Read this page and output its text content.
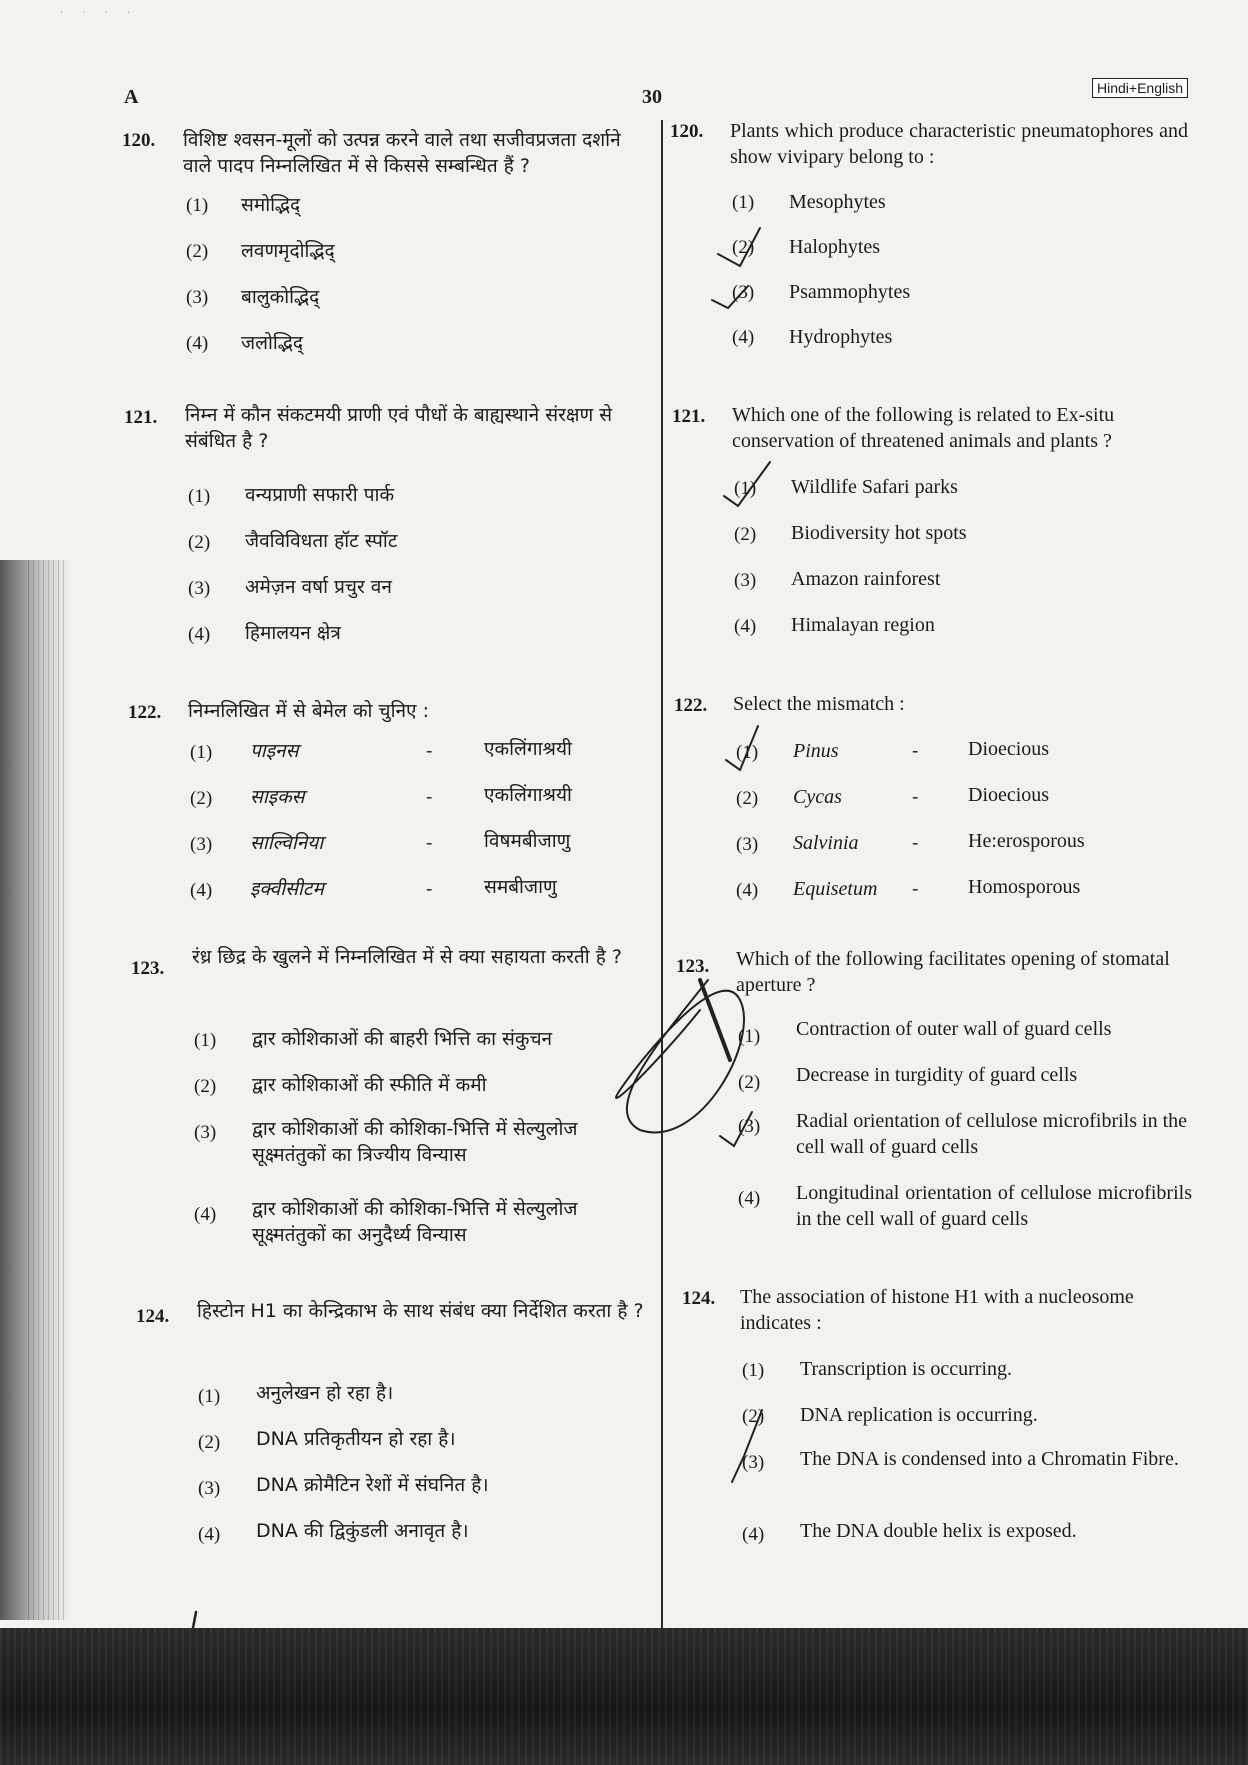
· · · ·
A	30	Hindi+English
120. विशिष्ट श्वसन-मूलों को उत्पन्न करने वाले तथा सजीवप्रजता दर्शाने वाले पादप निम्नलिखित में से किससे सम्बन्धित हैं ?
(1) समोद्भिद्
(2) लवणमृदोद्भिद्
(3) बालुकोद्भिद्
(4) जलोद्भिद्
121. निम्न में कौन संकटमयी प्राणी एवं पौधों के बाह्यस्थाने संरक्षण से संबंधित है ?
(1) वन्यप्राणी सफारी पार्क
(2) जैवविविधता हॉट स्पॉट
(3) अमेज़न वर्षा प्रचुर वन
(4) हिमालयन क्षेत्र
122. निम्नलिखित में से बेमेल को चुनिए :
(1) पाइनस	-	एकलिंगाश्रयी
(2) साइकस	-	एकलिंगाश्रयी
(3) साल्विनिया	-	विषमबीजाणु
(4) इक्वीसीटम	-	समबीजाणु
123.
रंध्र छिद्र के खुलने में निम्नलिखित में से क्या सहायता करती है ?
(1) द्वार कोशिकाओं की बाहरी भित्ति का संकुचन
(2) द्वार कोशिकाओं की स्फीति में कमी
(3) द्वार कोशिकाओं की कोशिका-भित्ति में सेल्युलोज सूक्ष्मतंतुकों का त्रिज्यीय विन्यास
(4) द्वार कोशिकाओं की कोशिका-भित्ति में सेल्युलोज सूक्ष्मतंतुकों का अनुदैर्ध्य विन्यास
124. हिस्टोन H1 का केन्द्रिकाभ के साथ संबंध क्या निर्देशित करता है ?
(1) अनुलेखन हो रहा है।
(2) DNA प्रतिकृतीयन हो रहा है।
(3) DNA क्रोमैटिन रेशों में संघनित है।
(4) DNA की द्विकुंडली अनावृत है।
120. Plants which produce characteristic pneumatophores and show vivipary belong to :
(1) Mesophytes
(2) Halophytes
(3) Psammophytes
(4) Hydrophytes
121. Which one of the following is related to Ex-situ conservation of threatened animals and plants ?
(1) Wildlife Safari parks
(2) Biodiversity hot spots
(3) Amazon rainforest
(4) Himalayan region
122. Select the mismatch :
(1) Pinus	- Dioecious
(2) Cycas	- Dioecious
(3) Salvinia	- He:erosporous
(4) Equisetum - Homosporous
123. Which of the following facilitates opening of stomatal aperture ?
(1) Contraction of outer wall of guard cells
(2) Decrease in turgidity of guard cells
(3) Radial orientation of cellulose microfibrils in the cell wall of guard cells
(4) Longitudinal orientation of cellulose microfibrils in the cell wall of guard cells
124. The association of histone H1 with a nucleosome indicates :
(1) Transcription is occurring.
(2) DNA replication is occurring.
(3) The DNA is condensed into a Chromatin Fibre.
(4) The DNA double helix is exposed.
